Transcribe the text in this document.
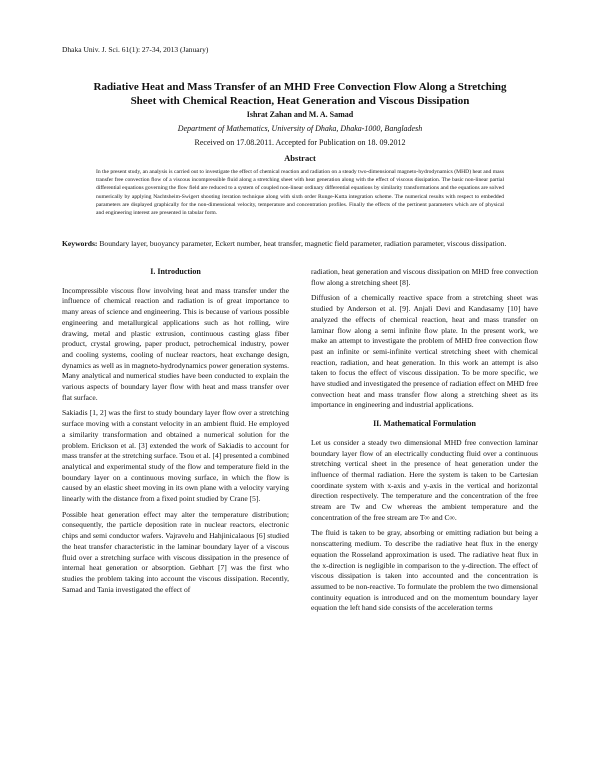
Dhaka Univ. J. Sci. 61(1): 27-34, 2013 (January)
Radiative Heat and Mass Transfer of an MHD Free Convection Flow Along a Stretching
Sheet with Chemical Reaction, Heat Generation and Viscous Dissipation
Ishrat Zahan and M. A. Samad
Department of Mathematics, University of Dhaka, Dhaka-1000, Bangladesh
Received on 17.08.2011. Accepted for Publication on 18. 09.2012
Abstract
In the present study, an analysis is carried out to investigate the effect of chemical reaction and radiation on a steady two-dimensional magneto-hydrodynamics (MHD) heat and mass transfer free convection flow of a viscous incompressible fluid along a stretching sheet with heat generation along with the effect of viscous dissipation. The basic non-linear partial differential equations governing the flow field are reduced to a system of coupled non-linear ordinary differential equations by similarity transformations and the equations are solved numerically by applying Nachtsheim-Swigert shooting iteration technique along with sixth order Runge-Kutta integration scheme. The numerical results with respect to embedded parameters are displayed graphically for the non-dimensional velocity, temperature and concentration profiles. Finally the effects of the pertinent parameters which are of physical and engineering interest are presented in tabular form.
Keywords: Boundary layer, buoyancy parameter, Eckert number, heat transfer, magnetic field parameter, radiation parameter, viscous dissipation.
I. Introduction

Incompressible viscous flow involving heat and mass transfer under the influence of chemical reaction and radiation is of great importance to many areas of science and engineering. This is because of various possible engineering and metallurgical applications such as hot rolling, wire drawing, metal and plastic extrusion, continuous casting glass fiber product, crystal growing, paper product, petrochemical industry, power and cooling systems, cooling of nuclear reactors, heat exchange design, dynamics as well as in magneto-hydrodynamics power generation systems. Many analytical and numerical studies have been conducted to explain the various aspects of boundary layer flow with heat and mass transfer over flat surface.

Sakiadis [1, 2] was the first to study boundary layer flow over a stretching surface moving with a constant velocity in an ambient fluid. He employed a similarity transformation and obtained a numerical solution for the problem. Erickson et al. [3] extended the work of Sakiadis to account for mass transfer at the stretching surface. Tsou et al. [4] presented a combined analytical and experimental study of the flow and temperature field in the boundary layer on a continuous moving surface, in which the flow is caused by an elastic sheet moving in its own plane with a velocity varying linearly with the distance from a fixed point studied by Crane [5].

Possible heat generation effect may alter the temperature distribution; consequently, the particle deposition rate in nuclear reactors, electronic chips and semi conductor wafers. Vajravelu and Hahjinicalaous [6] studied the heat transfer characteristic in the laminar boundary layer of a viscous fluid over a stretching surface with viscous dissipation in the presence of internal heat generation or absorption. Gebhart [7] was the first who studies the problem taking into account the viscous dissipation. Recently, Samad and Tania investigated the effect of

radiation, heat generation and viscous dissipation on MHD free convection flow along a stretching sheet [8].

Diffusion of a chemically reactive space from a stretching sheet was studied by Anderson et al. [9]. Anjali Devi and Kandasamy [10] have analyzed the effects of chemical reaction, heat and mass transfer on laminar flow along a semi infinite flow plate. In the present work, we make an attempt to investigate the problem of MHD free convection flow past an infinite or semi-infinite vertical stretching sheet with chemical reaction, radiation, and heat generation. In this work an attempt is also taken to focus the effect of viscous dissipation. To be more specific, we have studied and investigated the presence of radiation effect on MHD free convection heat and mass transfer flow along a stretching sheet as its importance in engineering and industrial applications.

II. Mathematical Formulation

Let us consider a steady two dimensional MHD free convection laminar boundary layer flow of an electrically conducting fluid over a continuous stretching vertical sheet in the presence of heat generation under the influence of thermal radiation. Here the system is taken to be Cartesian coordinate system with x-axis and y-axis in the vertical and horizontal direction respectively. The temperature and the concentration of the free stream are Tw and Cw whereas the ambient temperature and the concentration of the free stream are T∞ and C∞.

The fluid is taken to be gray, absorbing or emitting radiation but being a nonscattering medium. To describe the radiative heat flux in the energy equation the Rosseland approximation is used. The radiative heat flux in the x-direction is negligible in comparison to the y-direction. The effect of viscous dissipation is taken into accounted and the concentration is assumed to be non-reactive. To formulate the problem the two dimensional continuity equation is introduced and on the momentum boundary layer equation the left hand side consists of the acceleration terms
